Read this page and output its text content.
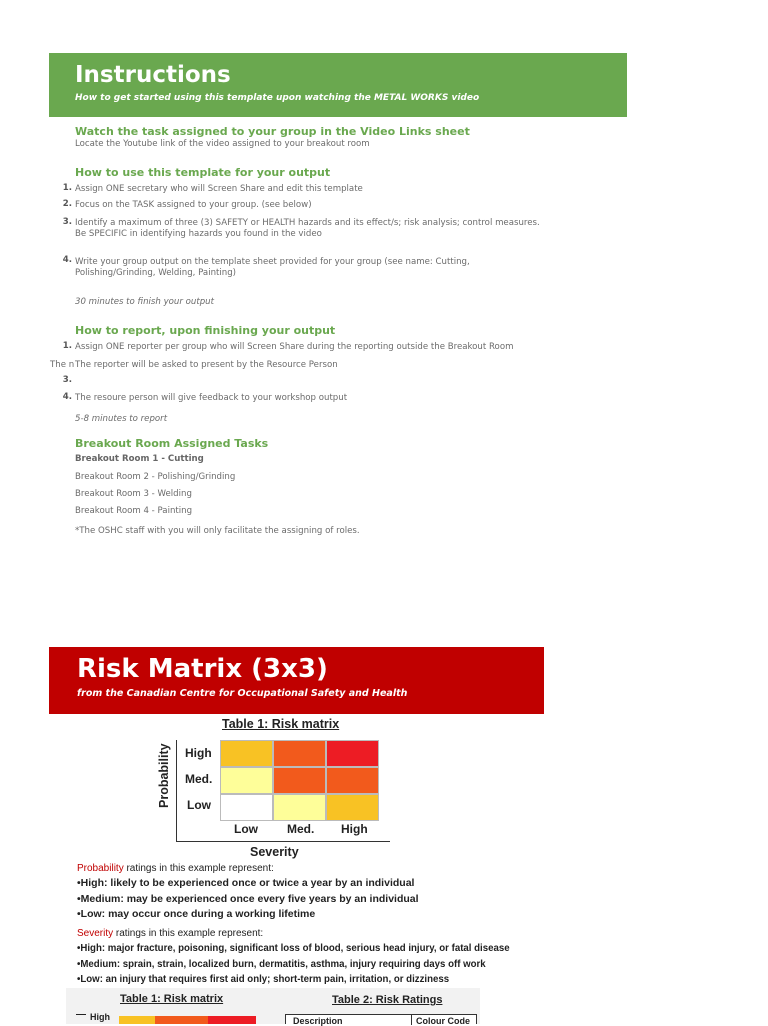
Instructions
How to get started using this template upon watching the METAL WORKS video
Watch the task assigned to your group in the Video Links sheet
Locate the Youtube link of the video assigned to your breakout room
How to use this template for your output
1. Assign ONE secretary who will Screen Share and edit this template
2. Focus on the TASK assigned to your group. (see below)
3. Identify a maximum of three (3) SAFETY or HEALTH hazards and its effect/s; risk analysis; control measures.
Be SPECIFIC in identifying hazards you found in the video
4. Write your group output on the template sheet provided for your group (see name: Cutting,
Polishing/Grinding, Welding, Painting)
30 minutes to finish your output
How to report, upon finishing your output
1. Assign ONE reporter per group who will Screen Share during the reporting outside the Breakout Room
The n The reporter will be asked to present by the Resource Person
3.
4. The resoure person will give feedback to your workshop output
5-8 minutes to report
Breakout Room Assigned Tasks
Breakout Room 1 - Cutting
Breakout Room 2 - Polishing/Grinding
Breakout Room 3 - Welding
Breakout Room 4 - Painting
*The OSHC staff with you will only facilitate the assigning of roles.
Risk Matrix (3x3)
from the Canadian Centre for Occupational Safety and Health
Table 1: Risk matrix
Probability High
Med.
Low
Low Med. High
Severity
Probability ratings in this example represent:
•High: likely to be experienced once or twice a year by an individual
•Medium: may be experienced once every five years by an individual
•Low: may occur once during a working lifetime
Severity ratings in this example represent:
•High: major fracture, poisoning, significant loss of blood, serious head injury, or fatal disease
•Medium: sprain, strain, localized burn, dermatitis, asthma, injury requiring days off work
•Low: an injury that requires first aid only; short-term pain, irritation, or dizziness
Table 1: Risk matrix	Table 2: Risk Ratings
High	Description	Colour Code
